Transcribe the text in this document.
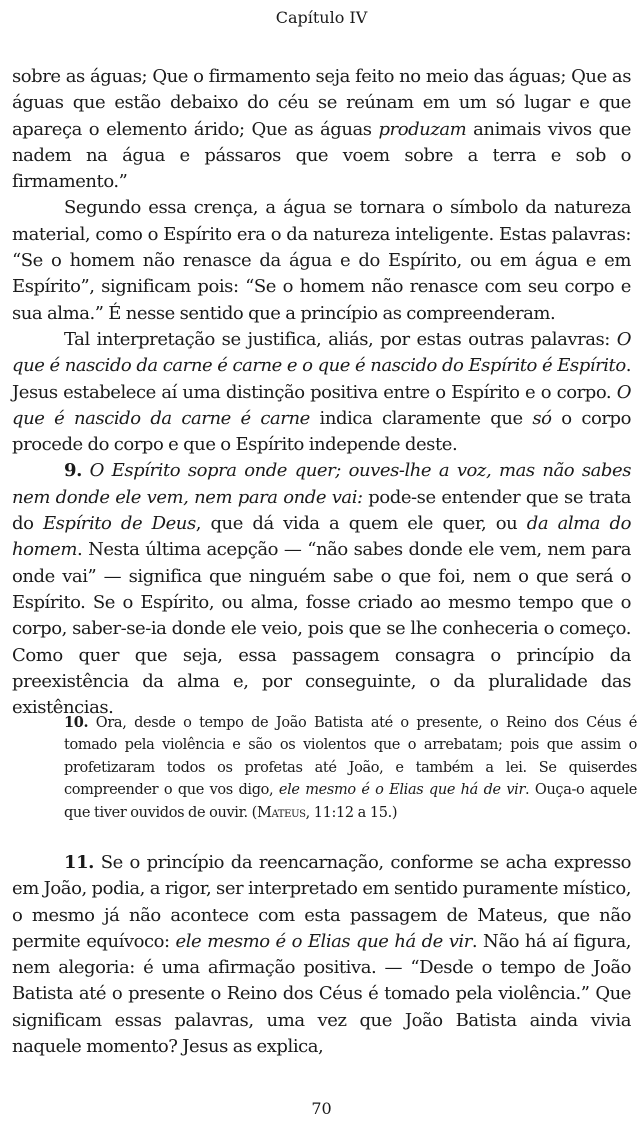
Capítulo IV

sobre as águas; Que o firmamento seja feito no meio das águas; Que as águas que estão debaixo do céu se reúnam em um só lugar e que apareça o elemento árido; Que as águas produzam animais vivos que nadem na água e pássaros que voem sobre a terra e sob o firmamento.”

Segundo essa crença, a água se tornara o símbolo da natureza material, como o Espírito era o da natureza inteligente. Estas palavras: “Se o homem não renasce da água e do Espírito, ou em água e em Espírito”, significam pois: “Se o homem não renasce com seu corpo e sua alma.” É nesse sentido que a princípio as compreenderam.

Tal interpretação se justifica, aliás, por estas outras palavras: O que é nascido da carne é carne e o que é nascido do Espírito é Espírito. Jesus estabelece aí uma distinção positiva entre o Espírito e o corpo. O que é nascido da carne é carne indica claramente que só o corpo procede do corpo e que o Espírito independe deste.

9. O Espírito sopra onde quer; ouves-lhe a voz, mas não sabes nem donde ele vem, nem para onde vai: pode-se entender que se trata do Espírito de Deus, que dá vida a quem ele quer, ou da alma do homem. Nesta última acepção — “não sabes donde ele vem, nem para onde vai” — significa que ninguém sabe o que foi, nem o que será o Espírito. Se o Espírito, ou alma, fosse criado ao mesmo tempo que o corpo, saber-se-ia donde ele veio, pois que se lhe conheceria o começo. Como quer que seja, essa passagem consagra o princípio da preexistência da alma e, por conseguinte, o da pluralidade das existências.

10. Ora, desde o tempo de João Batista até o presente, o Reino dos Céus é tomado pela violência e são os violentos que o arrebatam; pois que assim o profetizaram todos os profetas até João, e também a lei. Se quiserdes compreender o que vos digo, ele mesmo é o Elias que há de vir. Ouça-o aquele que tiver ouvidos de ouvir. (Mateus, 11:12 a 15.)

11. Se o princípio da reencarnação, conforme se acha expresso em João, podia, a rigor, ser interpretado em sentido puramente místico, o mesmo já não acontece com esta passagem de Mateus, que não permite equívoco: ele mesmo é o Elias que há de vir. Não há aí figura, nem alegoria: é uma afirmação positiva. — “Desde o tempo de João Batista até o presente o Reino dos Céus é tomado pela violência.” Que significam essas palavras, uma vez que João Batista ainda vivia naquele momento? Jesus as explica,

70
